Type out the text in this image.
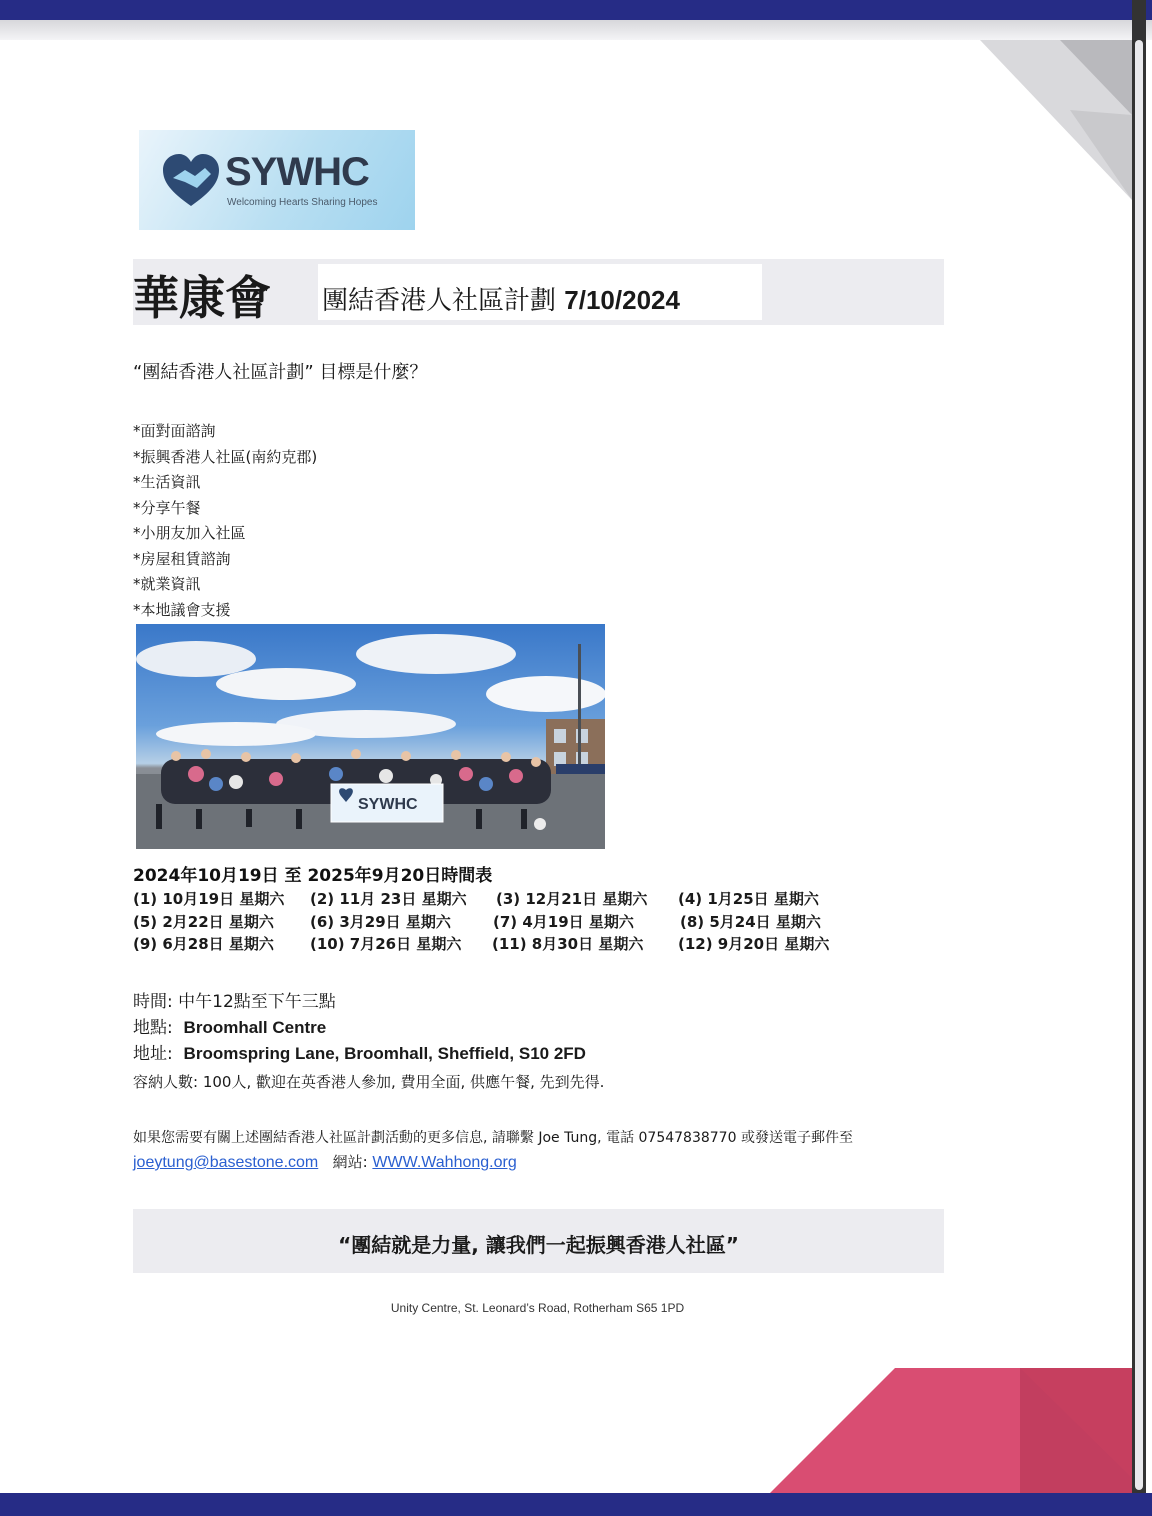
SYWHC
Welcoming Hearts Sharing Hopes
華康會 團結香港人社區計劃 7/10/2024
“團結香港人社區計劃” 目標是什麼？
*面對面諮詢
*振興香港人社區(南約克郡)
*生活資訊
*分享午餐
*小朋友加入社區
*房屋租賃諮詢
*就業資訊
*本地議會支援
SYWHC
2024年10月19日 至 2025年9月20日時間表
(1) 10月19日 星期六 (2) 11月 23日 星期六 (3) 12月21日 星期六 (4) 1月25日 星期六
(5) 2月22日 星期六 (6) 3月29日 星期六	(7) 4月19日 星期六	(8) 5月24日 星期六
(9) 6月28日 星期六 (10) 7月26日 星期六 (11) 8月30日 星期六 (12) 9月20日 星期六
時間: 中午12點至下午三點
地點: Broomhall Centre
地址: Broomspring Lane, Broomhall, Sheffield, S10 2FD
容納人數: 100人, 歡迎在英香港人參加, 費用全面, 供應午餐, 先到先得.
如果您需要有關上述團結香港人社區計劃活動的更多信息, 請聯繫 Joe Tung, 電話 07547838770 或發送電子郵件至
joeytung@basestone.com 網站: WWW.Wahhong.org
“團結就是力量, 讓我們一起振興香港人社區”
Unity Centre, St. Leonard’s Road, Rotherham S65 1PD
